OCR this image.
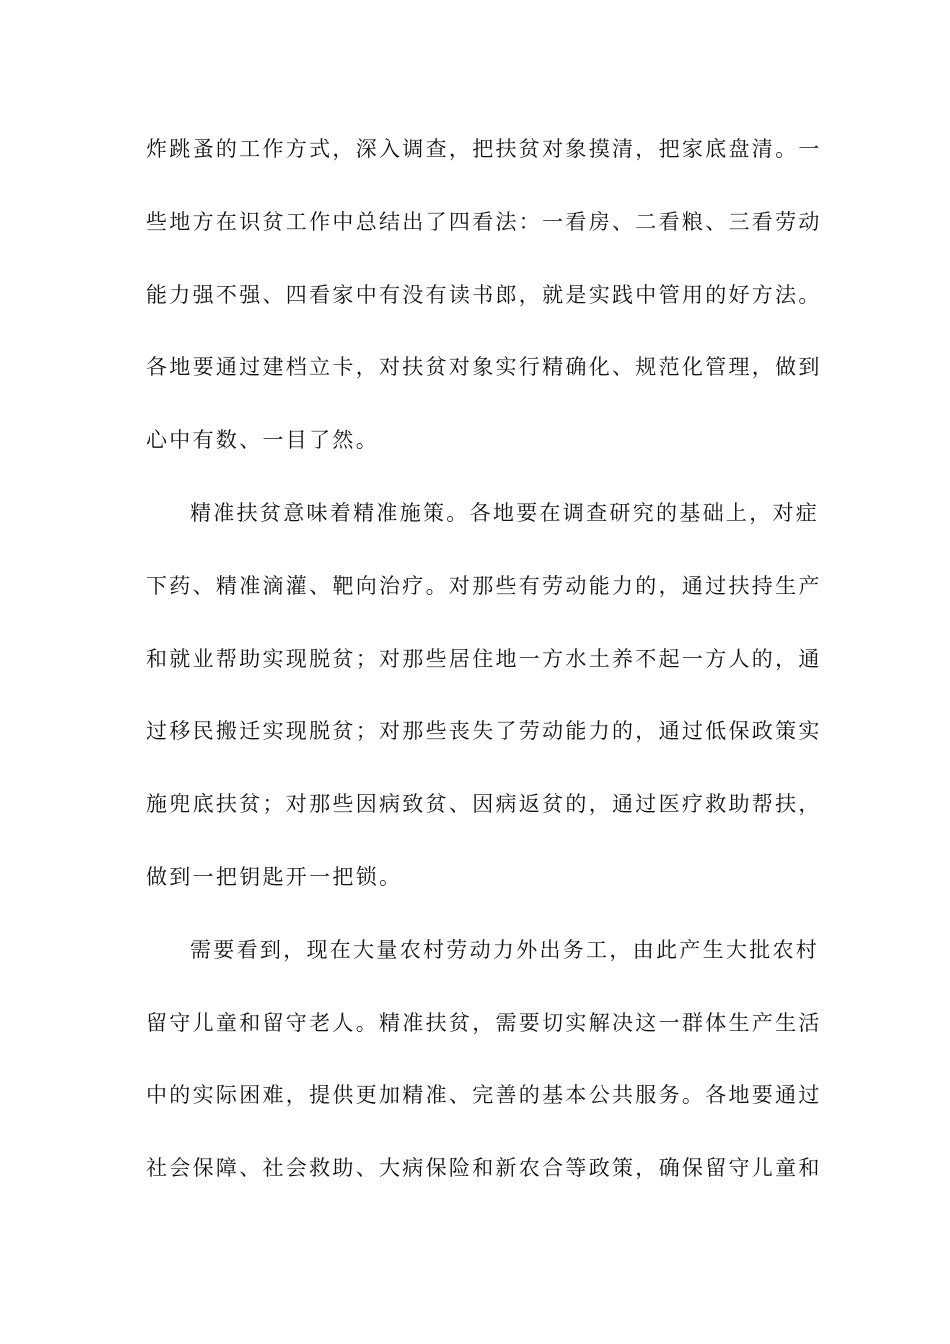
炸跳蚤的工作方式，深入调查，把扶贫对象摸清，把家底盘清。一
些地方在识贫工作中总结出了四看法：一看房、二看粮、三看劳动
能力强不强、四看家中有没有读书郎，就是实践中管用的好方法。
各地要通过建档立卡，对扶贫对象实行精确化、规范化管理，做到
心中有数、一目了然。
精准扶贫意味着精准施策。各地要在调查研究的基础上，对症
下药、精准滴灌、靶向治疗。对那些有劳动能力的，通过扶持生产
和就业帮助实现脱贫；对那些居住地一方水土养不起一方人的，通
过移民搬迁实现脱贫；对那些丧失了劳动能力的，通过低保政策实
施兜底扶贫；对那些因病致贫、因病返贫的，通过医疗救助帮扶，
做到一把钥匙开一把锁。
需要看到，现在大量农村劳动力外出务工，由此产生大批农村
留守儿童和留守老人。精准扶贫，需要切实解决这一群体生产生活
中的实际困难，提供更加精准、完善的基本公共服务。各地要通过
社会保障、社会救助、大病保险和新农合等政策，确保留守儿童和
